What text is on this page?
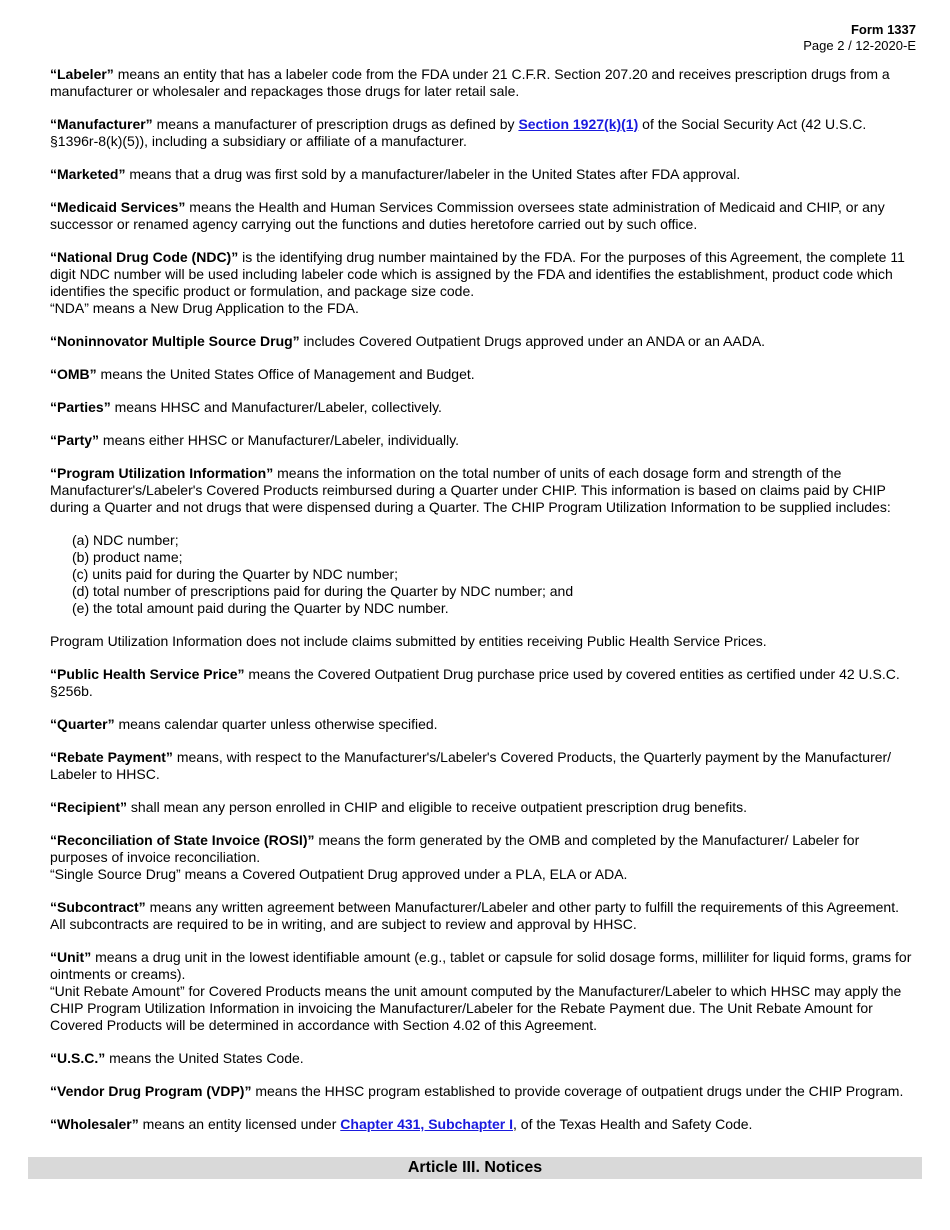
Form 1337
Page 2 / 12-2020-E

“Labeler” means an entity that has a labeler code from the FDA under 21 C.F.R. Section 207.20 and receives prescription drugs from a manufacturer or wholesaler and repackages those drugs for later retail sale.

“Manufacturer” means a manufacturer of prescription drugs as defined by Section 1927(k)(1) of the Social Security Act (42 U.S.C. §1396r-8(k)(5)), including a subsidiary or affiliate of a manufacturer.

“Marketed” means that a drug was first sold by a manufacturer/labeler in the United States after FDA approval.

“Medicaid Services” means the Health and Human Services Commission oversees state administration of Medicaid and CHIP, or any successor or renamed agency carrying out the functions and duties heretofore carried out by such office.

“National Drug Code (NDC)” is the identifying drug number maintained by the FDA. For the purposes of this Agreement, the complete 11 digit NDC number will be used including labeler code which is assigned by the FDA and identifies the establishment, product code which identifies the specific product or formulation, and package size code.
“NDA” means a New Drug Application to the FDA.

“Noninnovator Multiple Source Drug” includes Covered Outpatient Drugs approved under an ANDA or an AADA.

“OMB” means the United States Office of Management and Budget.

“Parties” means HHSC and Manufacturer/Labeler, collectively.

“Party” means either HHSC or Manufacturer/Labeler, individually.

“Program Utilization Information” means the information on the total number of units of each dosage form and strength of the Manufacturer's/Labeler's Covered Products reimbursed during a Quarter under CHIP. This information is based on claims paid by CHIP during a Quarter and not drugs that were dispensed during a Quarter. The CHIP Program Utilization Information to be supplied includes:

(a) NDC number;
(b) product name;
(c) units paid for during the Quarter by NDC number;
(d) total number of prescriptions paid for during the Quarter by NDC number; and
(e) the total amount paid during the Quarter by NDC number.

Program Utilization Information does not include claims submitted by entities receiving Public Health Service Prices.

“Public Health Service Price” means the Covered Outpatient Drug purchase price used by covered entities as certified under 42 U.S.C. §256b.

“Quarter” means calendar quarter unless otherwise specified.

“Rebate Payment” means, with respect to the Manufacturer's/Labeler's Covered Products, the Quarterly payment by the Manufacturer/ Labeler to HHSC.

“Recipient” shall mean any person enrolled in CHIP and eligible to receive outpatient prescription drug benefits.

“Reconciliation of State Invoice (ROSI)” means the form generated by the OMB and completed by the Manufacturer/ Labeler for purposes of invoice reconciliation.
“Single Source Drug” means a Covered Outpatient Drug approved under a PLA, ELA or ADA.

“Subcontract” means any written agreement between Manufacturer/Labeler and other party to fulfill the requirements of this Agreement. All subcontracts are required to be in writing, and are subject to review and approval by HHSC.

“Unit” means a drug unit in the lowest identifiable amount (e.g., tablet or capsule for solid dosage forms, milliliter for liquid forms, grams for ointments or creams).
“Unit Rebate Amount” for Covered Products means the unit amount computed by the Manufacturer/Labeler to which HHSC may apply the CHIP Program Utilization Information in invoicing the Manufacturer/Labeler for the Rebate Payment due. The Unit Rebate Amount for Covered Products will be determined in accordance with Section 4.02 of this Agreement.

“U.S.C.” means the United States Code.

“Vendor Drug Program (VDP)” means the HHSC program established to provide coverage of outpatient drugs under the CHIP Program.

“Wholesaler” means an entity licensed under Chapter 431, Subchapter I, of the Texas Health and Safety Code.

Article III. Notices
